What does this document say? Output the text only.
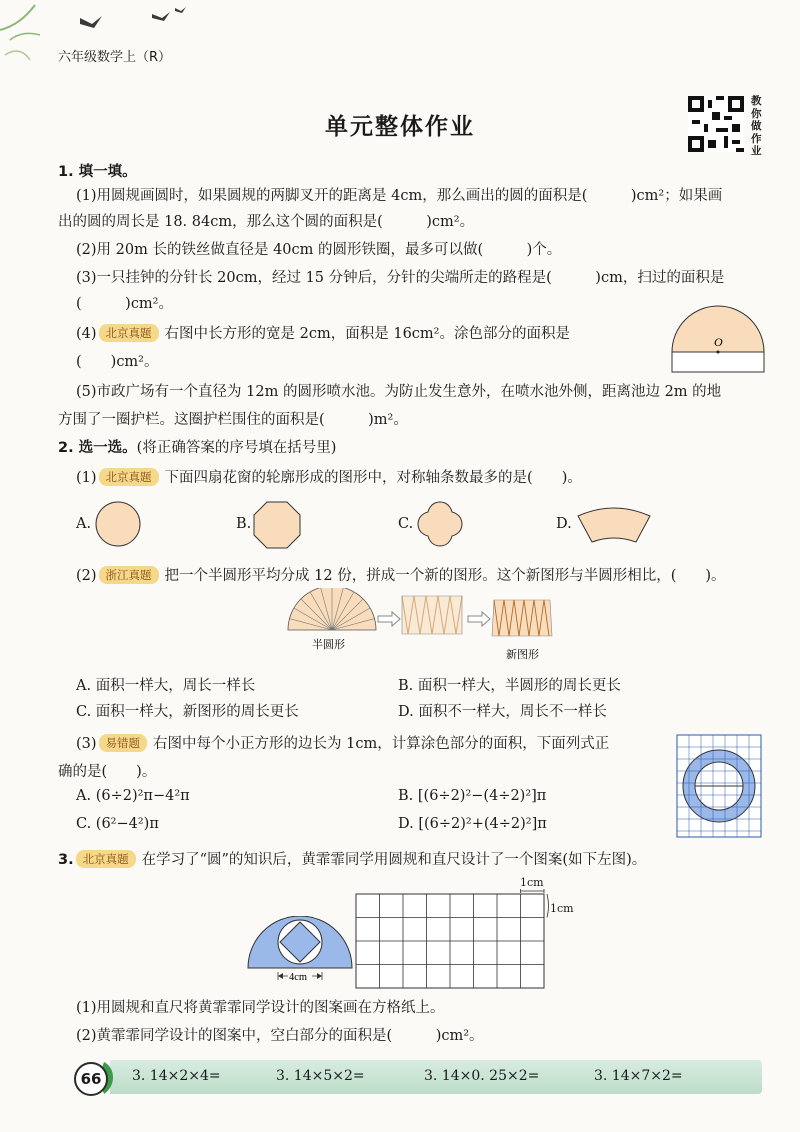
六年级数学上（R）
单元整体作业
教你做作业
1. 填一填。
(1)用圆规画圆时，如果圆规的两脚叉开的距离是 4cm，那么画出的圆的面积是(　　　)cm²；如果画
出的圆的周长是 18. 84cm，那么这个圆的面积是(　　　)cm²。
(2)用 20m 长的铁丝做直径是 40cm 的圆形铁圈，最多可以做(　　　)个。
(3)一只挂钟的分针长 20cm，经过 15 分钟后，分针的尖端所走的路程是(　　　)cm，扫过的面积是
(　　　)cm²。
(4) 北京真题 右图中长方形的宽是 2cm，面积是 16cm²。涂色部分的面积是
(　　)cm²。
O
(5)市政广场有一个直径为 12m 的圆形喷水池。为防止发生意外，在喷水池外侧，距离池边 2m 的地
方围了一圈护栏。这圈护栏围住的面积是(　　　)m²。
2. 选一选。(将正确答案的序号填在括号里)
(1) 北京真题 下面四扇花窗的轮廓形成的图形中，对称轴条数最多的是(　　)。
A.	B.	C.	D.
(2) 浙江真题 把一个半圆形平均分成 12 份，拼成一个新的图形。这个新图形与半圆形相比，(　　)。
半圆形
新图形
A. 面积一样大，周长一样长	B. 面积一样大，半圆形的周长更长
C. 面积一样大，新图形的周长更长	D. 面积不一样大，周长不一样长
(3) 易错题 右图中每个小正方形的边长为 1cm，计算涂色部分的面积，下面列式正
确的是(　　)。
A. (6÷2)²π−4²π	B. [(6÷2)²−(4÷2)²]π
C. (6²−4²)π	D. [(6÷2)²+(4÷2)²]π
3. 北京真题 在学习了“圆”的知识后，黄霏霏同学用圆规和直尺设计了一个图案(如下左图)。
4cm
1cm
1cm
(1)用圆规和直尺将黄霏霏同学设计的图案画在方格纸上。
(2)黄霏霏同学设计的图案中，空白部分的面积是(　　　)cm²。
66	3. 14×2×4=	3. 14×5×2=	3. 14×0. 25×2=	3. 14×7×2=
